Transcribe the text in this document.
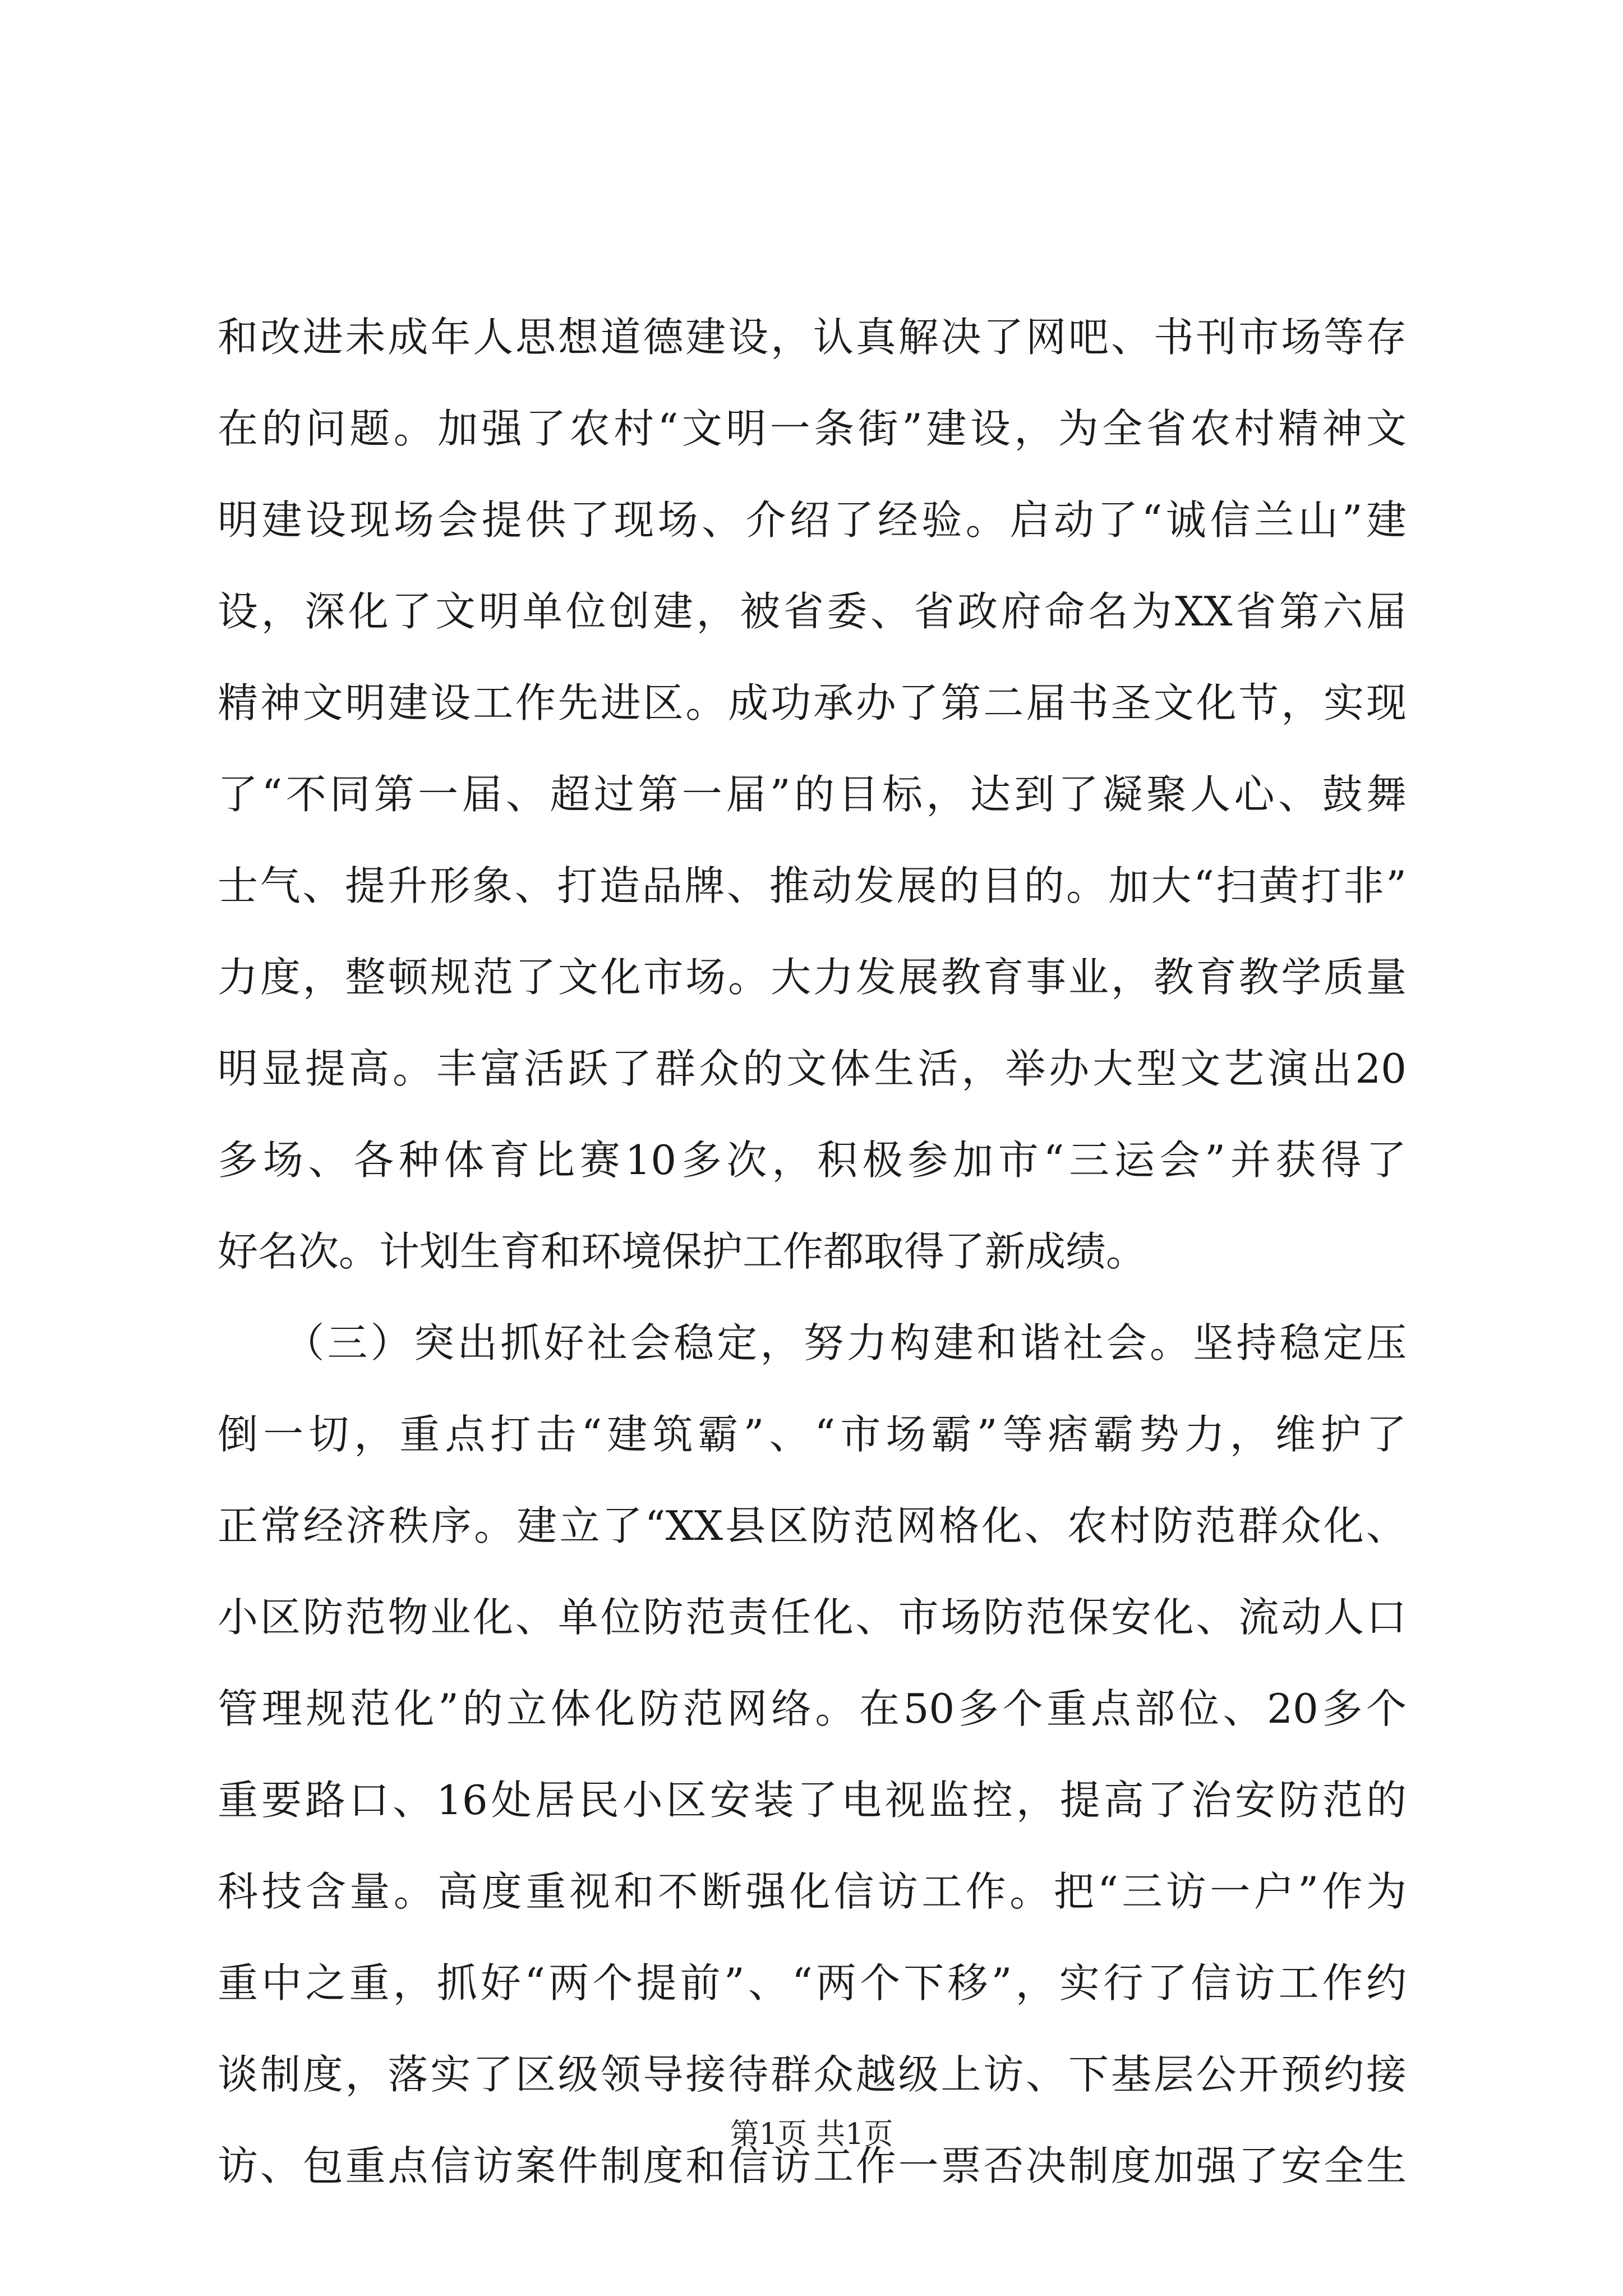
和改进未成年人思想道德建设，认真解决了网吧、书刊市场等存
在的问题。加强了农村“文明一条街”建设，为全省农村精神文
明建设现场会提供了现场、介绍了经验。启动了“诚信兰山”建
设，深化了文明单位创建，被省委、省政府命名为XX省第六届
精神文明建设工作先进区。成功承办了第二届书圣文化节，实现
了“不同第一届、超过第一届”的目标，达到了凝聚人心、鼓舞
士气、提升形象、打造品牌、推动发展的目的。加大“扫黄打非”
力度，整顿规范了文化市场。大力发展教育事业，教育教学质量
明显提高。丰富活跃了群众的文体生活，举办大型文艺演出20
多场、各种体育比赛10多次，积极参加市“三运会”并获得了
好名次。计划生育和环境保护工作都取得了新成绩。
　　（三）突出抓好社会稳定，努力构建和谐社会。坚持稳定压
倒一切，重点打击“建筑霸”、“市场霸”等痞霸势力，维护了
正常经济秩序。建立了“XX县区防范网格化、农村防范群众化、
小区防范物业化、单位防范责任化、市场防范保安化、流动人口
管理规范化”的立体化防范网络。在50多个重点部位、20多个
重要路口、16处居民小区安装了电视监控，提高了治安防范的
科技含量。高度重视和不断强化信访工作。把“三访一户”作为
重中之重，抓好“两个提前”、“两个下移”，实行了信访工作约
谈制度，落实了区级领导接待群众越级上访、下基层公开预约接
访、包重点信访案件制度和信访工作一票否决制度加强了安全生
第1页 共1页
